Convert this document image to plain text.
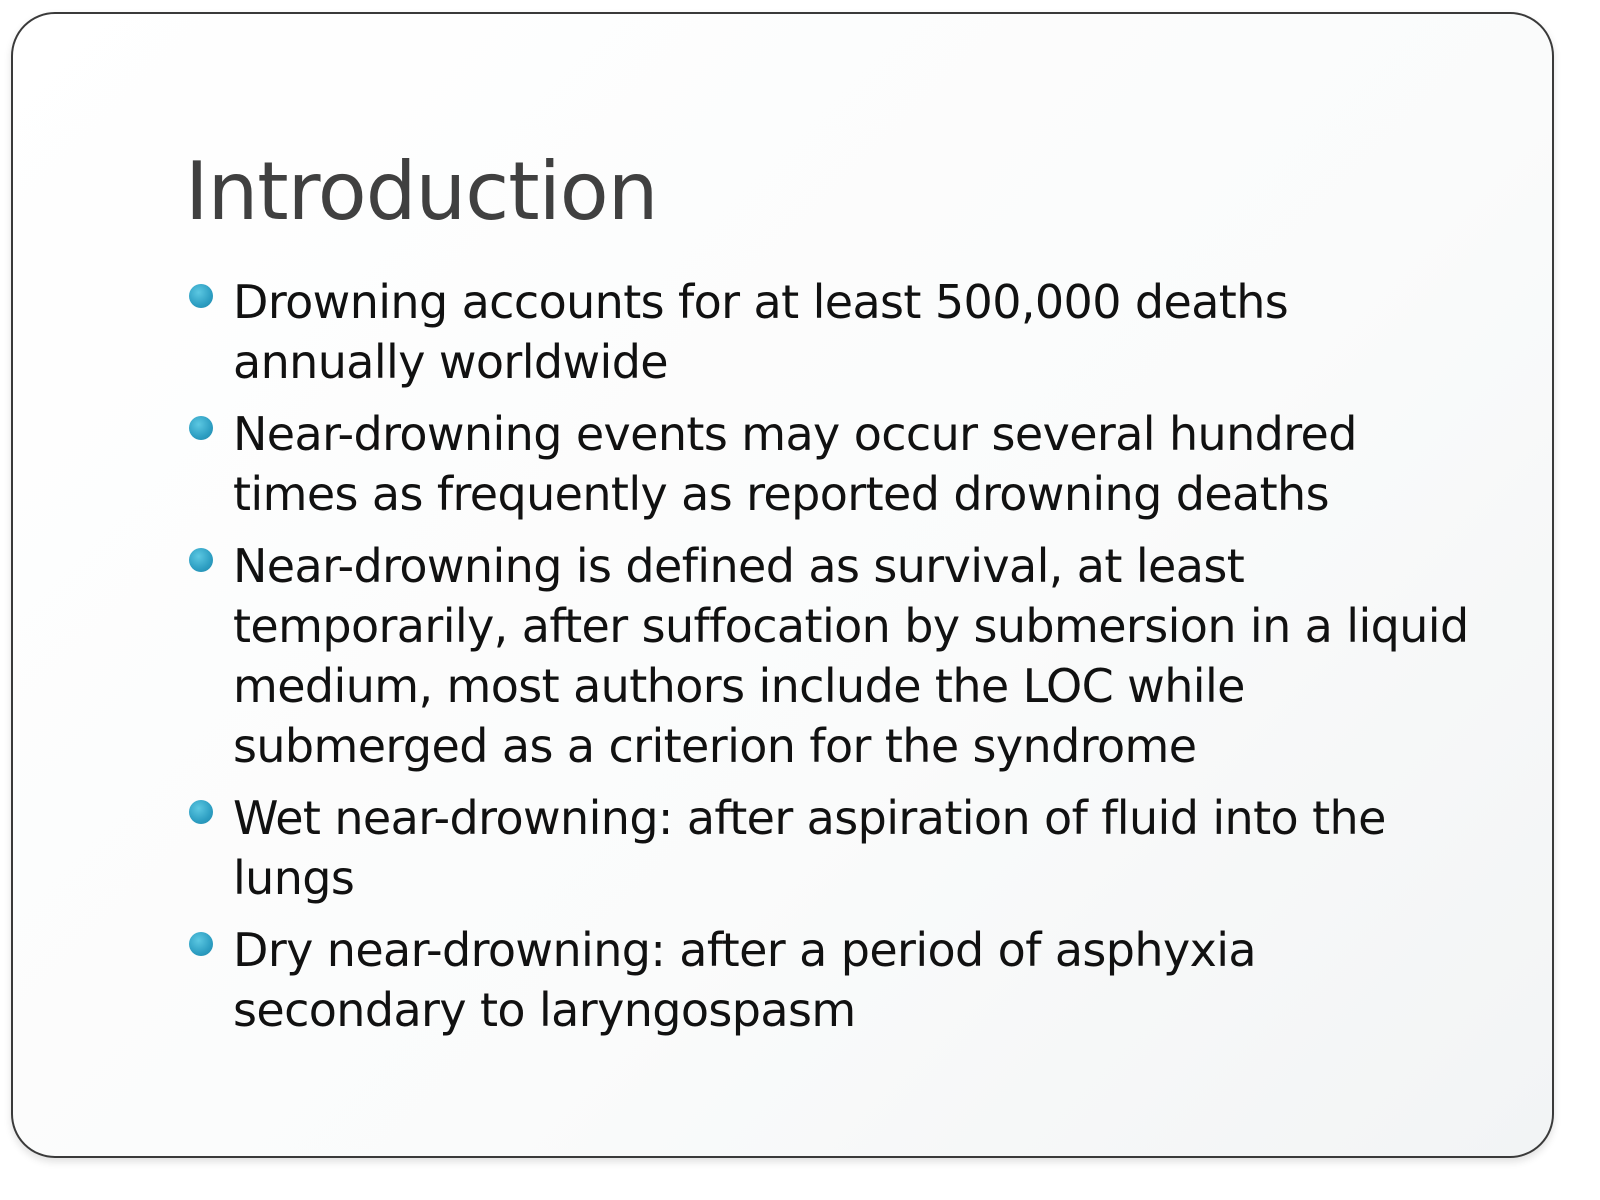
Introduction
Drowning accounts for at least 500,000 deaths annually worldwide
Near-drowning events may occur several hundred times as frequently as reported drowning deaths
Near-drowning is defined as survival, at least temporarily, after suffocation by submersion in a liquid medium, most authors include the LOC while submerged as a criterion for the syndrome
Wet near-drowning: after aspiration of fluid into the lungs
Dry near-drowning: after a period of asphyxia secondary to laryngospasm
